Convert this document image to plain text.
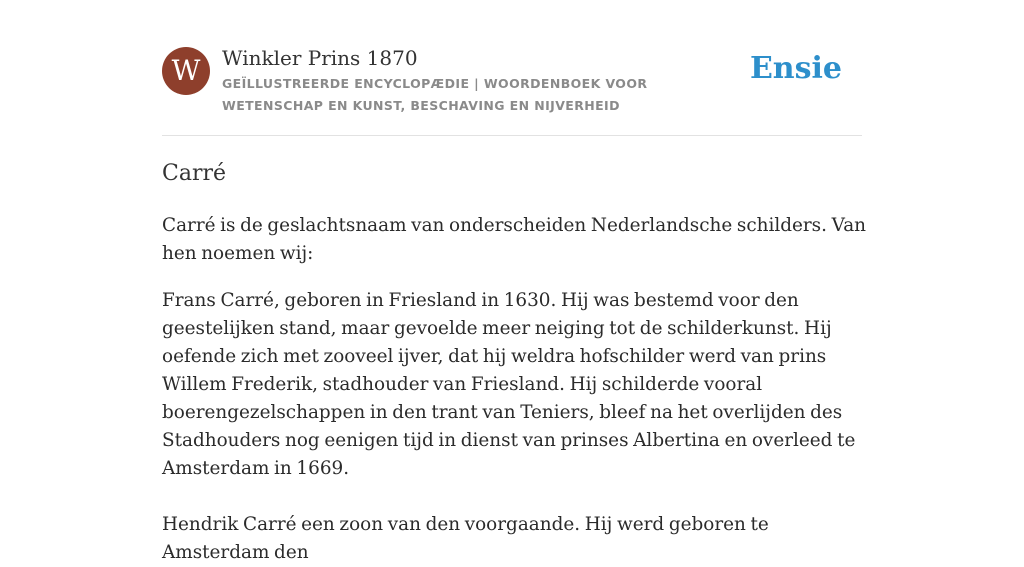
W	Winkler Prins 1870
GEÏLLUSTREERDE ENCYCLOPÆDIE | WOORDENBOEK VOOR WETENSCHAP EN KUNST, BESCHAVING EN NIJVERHEID
Ensie
Carré

Carré is de geslachtsnaam van onderscheiden Nederlandsche schilders. Van hen noemen wij:

Frans Carré, geboren in Friesland in 1630. Hij was bestemd voor den geestelijken stand, maar gevoelde meer neiging tot de schilderkunst. Hij oefende zich met zooveel ijver, dat hij weldra hofschilder werd van prins Willem Frederik, stadhouder van Friesland. Hij schilderde vooral boerengezelschappen in den trant van Teniers, bleef na het overlijden des Stadhouders nog eenigen tijd in dienst van prinses Albertina en overleed te Amsterdam in 1669.

Hendrik Carré een zoon van den voorgaande. Hij werd geboren te Amsterdam den
